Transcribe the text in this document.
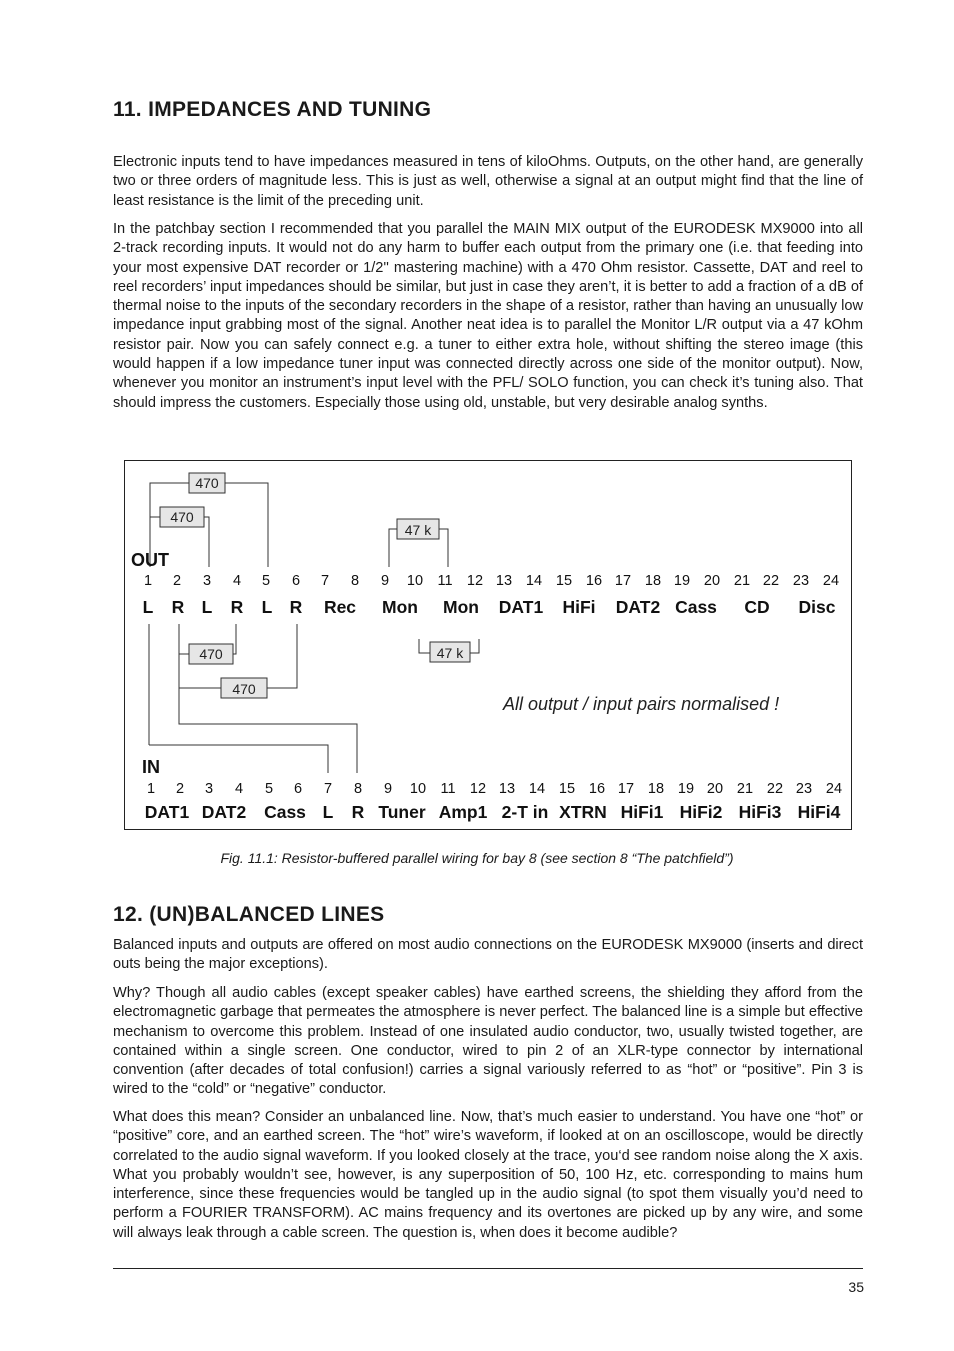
11. IMPEDANCES AND TUNING

Electronic inputs tend to have impedances measured in tens of kiloOhms. Outputs, on the other hand, are generally two or three orders of magnitude less. This is just as well, otherwise a signal at an output might find that the line of least resistance is the limit of the preceding unit.

In the patchbay section I recommended that you parallel the MAIN MIX output of the EURODESK MX9000 into all 2-track recording inputs. It would not do any harm to buffer each output from the primary one (i.e. that feeding into your most expensive DAT recorder or 1/2'' mastering machine) with a 470 Ohm resistor. Cassette, DAT and reel to reel recorders’ input impedances should be similar, but just in case they aren’t, it is better to add a fraction of a dB of thermal noise to the inputs of the secondary recorders in the shape of a resistor, rather than having an unusually low impedance input grabbing most of the signal. Another neat idea is to parallel the Monitor L/R output via a 47 kOhm resistor pair. Now you can safely connect e.g. a tuner to either extra hole, without shifting the stereo image (this would happen if a low impedance tuner input was connected directly across one side of the monitor output). Now, whenever you monitor an instrument’s input level with the PFL/ SOLO function, you can check it’s tuning also. That should impress the customers. Especially those using old, unstable, but very desirable analog synths.

470
470
47 k
470
470
47 k
OUT
IN
1 2 3 4 5 6 7 8 9 10 11 12 13 14 15 16 17 18 19 20 21 22 23 24
L R L R L R Rec Mon Mon DAT1 HiFi DAT2 Cass CD Disc
1 2 3 4 5 6 7 8 9 10 11 12 13 14 15 16 17 18 19 20 21 22 23 24
DAT1 DAT2 Cass L R Tuner Amp1 2-T in XTRN HiFi1 HiFi2 HiFi3 HiFi4
All output / input pairs normalised !
Fig. 11.1: Resistor-buffered parallel wiring for bay 8 (see section 8 “The patchfield”)
12. (UN)BALANCED LINES

Balanced inputs and outputs are offered on most audio connections on the EURODESK MX9000 (inserts and direct outs being the major exceptions).

Why? Though all audio cables (except speaker cables) have earthed screens, the shielding they afford from the electromagnetic garbage that permeates the atmosphere is never perfect. The balanced line is a simple but effective mechanism to overcome this problem. Instead of one insulated audio conductor, two, usually twisted together, are contained within a single screen. One conductor, wired to pin 2 of an XLR-type connector by international convention (after decades of total confusion!) carries a signal variously referred to as “hot” or “positive”. Pin 3 is wired to the “cold” or “negative” conductor.

What does this mean? Consider an unbalanced line. Now, that’s much easier to understand. You have one “hot” or “positive” core, and an earthed screen. The “hot” wire’s waveform, if looked at on an oscilloscope, would be directly correlated to the audio signal waveform. If you looked closely at the trace, you‘d see random noise along the X axis. What you probably wouldn’t see, however, is any superposition of 50, 100 Hz, etc. corresponding to mains hum interference, since these frequencies would be tangled up in the audio signal (to spot them visually you’d need to perform a FOURIER TRANSFORM). AC mains frequency and its overtones are picked up by any wire, and some will always leak through a cable screen. The question is, when does it become audible?

35
